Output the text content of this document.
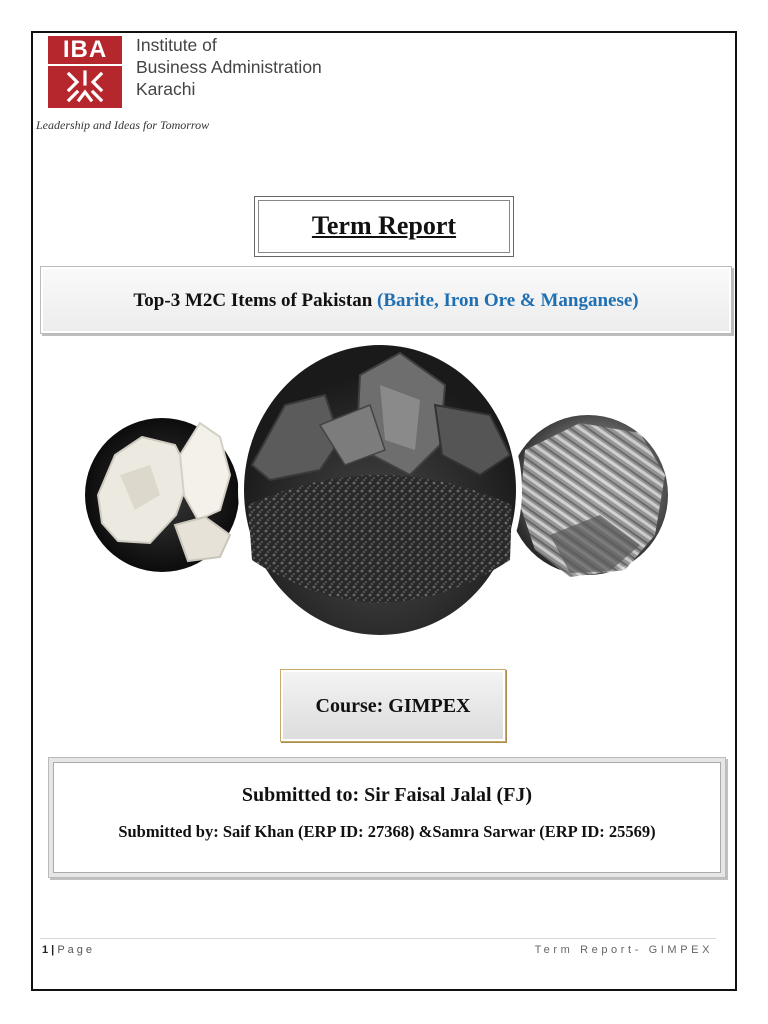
IBA	Institute of
Business Administration
Karachi
Leadership and Ideas for Tomorrow
Term Report
Top-3 M2C Items of Pakistan (Barite, Iron Ore & Manganese)
Course: GIMPEX
Submitted to: Sir Faisal Jalal (FJ)
Submitted by: Saif Khan (ERP ID: 27368) &Samra Sarwar (ERP ID: 25569)
1 | Page	Term Report- GIMPEX
